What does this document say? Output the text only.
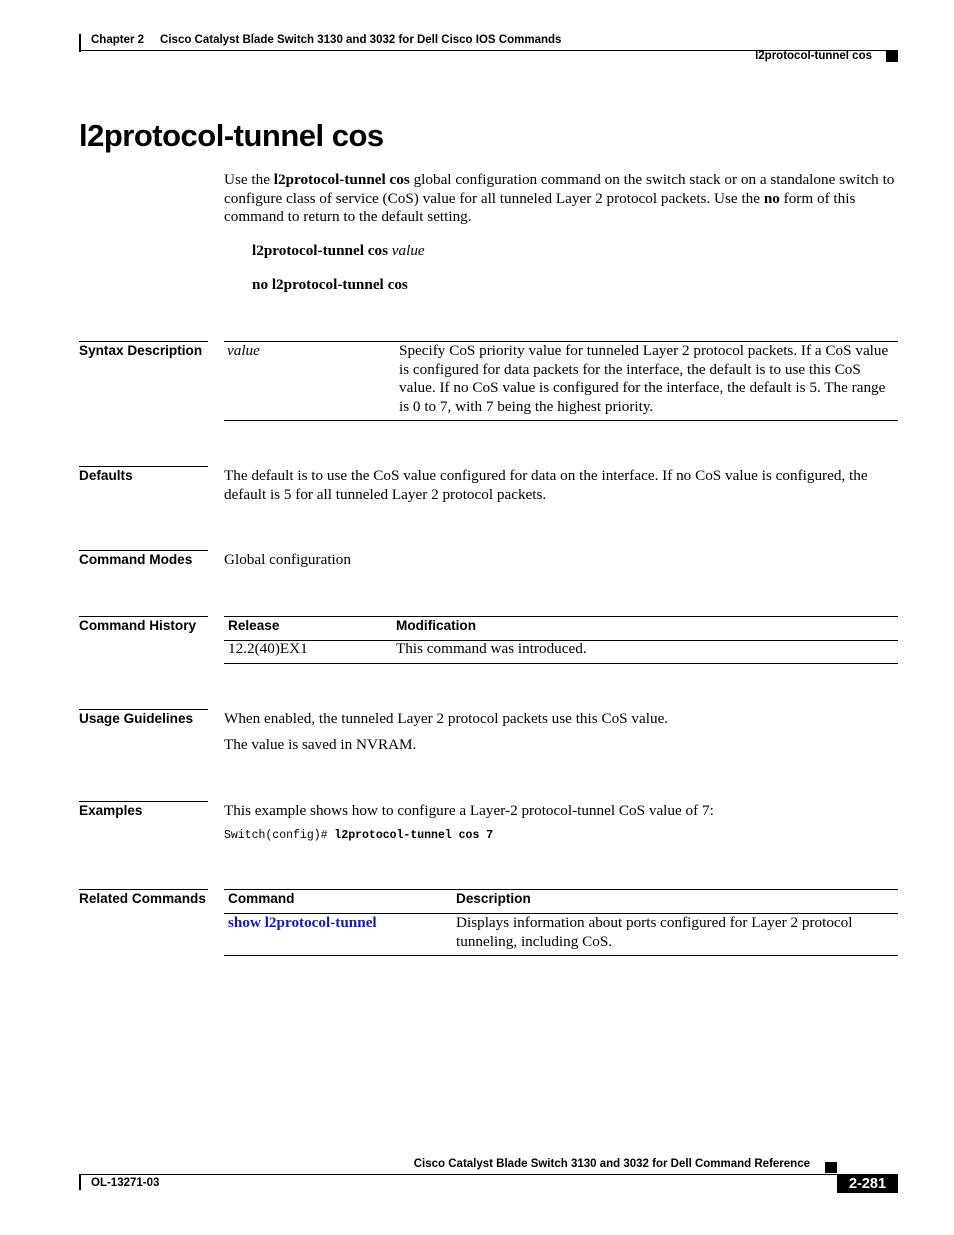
Chapter 2 Cisco Catalyst Blade Switch 3130 and 3032 for Dell Cisco IOS Commands
l2protocol-tunnel cos
l2protocol-tunnel cos
Use the l2protocol-tunnel cos global configuration command on the switch stack or on a standalone switch to configure class of service (CoS) value for all tunneled Layer 2 protocol packets. Use the no form of this command to return to the default setting.
l2protocol-tunnel cos value
no l2protocol-tunnel cos
Syntax Description value	Specify CoS priority value for tunneled Layer 2 protocol packets. If a CoS value is configured for data packets for the interface, the default is to use this CoS value. If no CoS value is configured for the interface, the default is 5. The range is 0 to 7, with 7 being the highest priority.
Defaults	The default is to use the CoS value configured for data on the interface. If no CoS value is configured, the default is 5 for all tunneled Layer 2 protocol packets.
Command Modes Global configuration
Command History Release	Modification
12.2(40)EX1	This command was introduced.
Usage Guidelines When enabled, the tunneled Layer 2 protocol packets use this CoS value.
The value is saved in NVRAM.
Examples	This example shows how to configure a Layer-2 protocol-tunnel CoS value of 7:
Switch(config)# l2protocol-tunnel cos 7
Related Commands Command	Description
show l2protocol-tunnel	Displays information about ports configured for Layer 2 protocol tunneling, including CoS.
Cisco Catalyst Blade Switch 3130 and 3032 for Dell Command Reference
OL-13271-03	2-281
